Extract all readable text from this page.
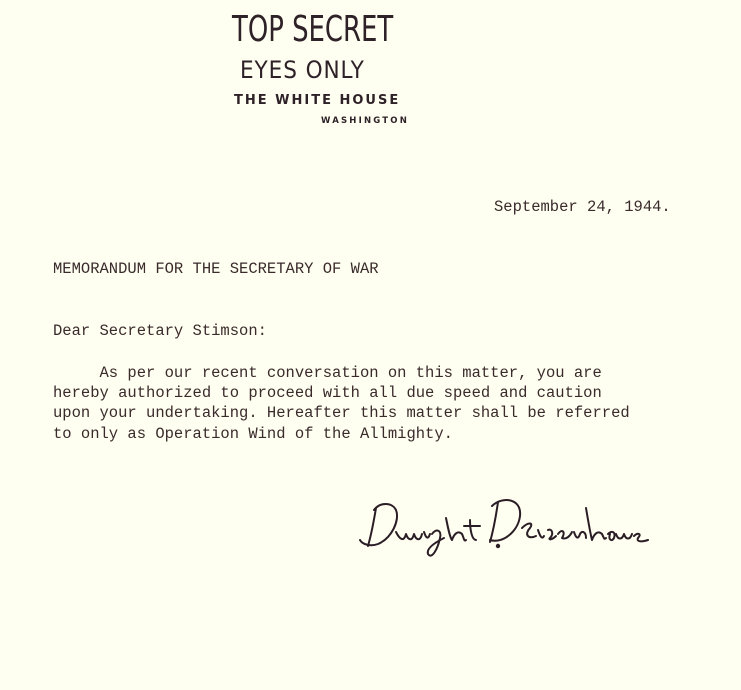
TOP SECRET
EYES ONLY
THE WHITE HOUSE
WASHINGTON
September 24, 1944.
MEMORANDUM FOR THE SECRETARY OF WAR
Dear Secretary Stimson:
As per our recent conversation on this matter, you are
hereby authorized to proceed with all due speed and caution
upon your undertaking. Hereafter this matter shall be referred
to only as Operation Wind of the Allmighty.
